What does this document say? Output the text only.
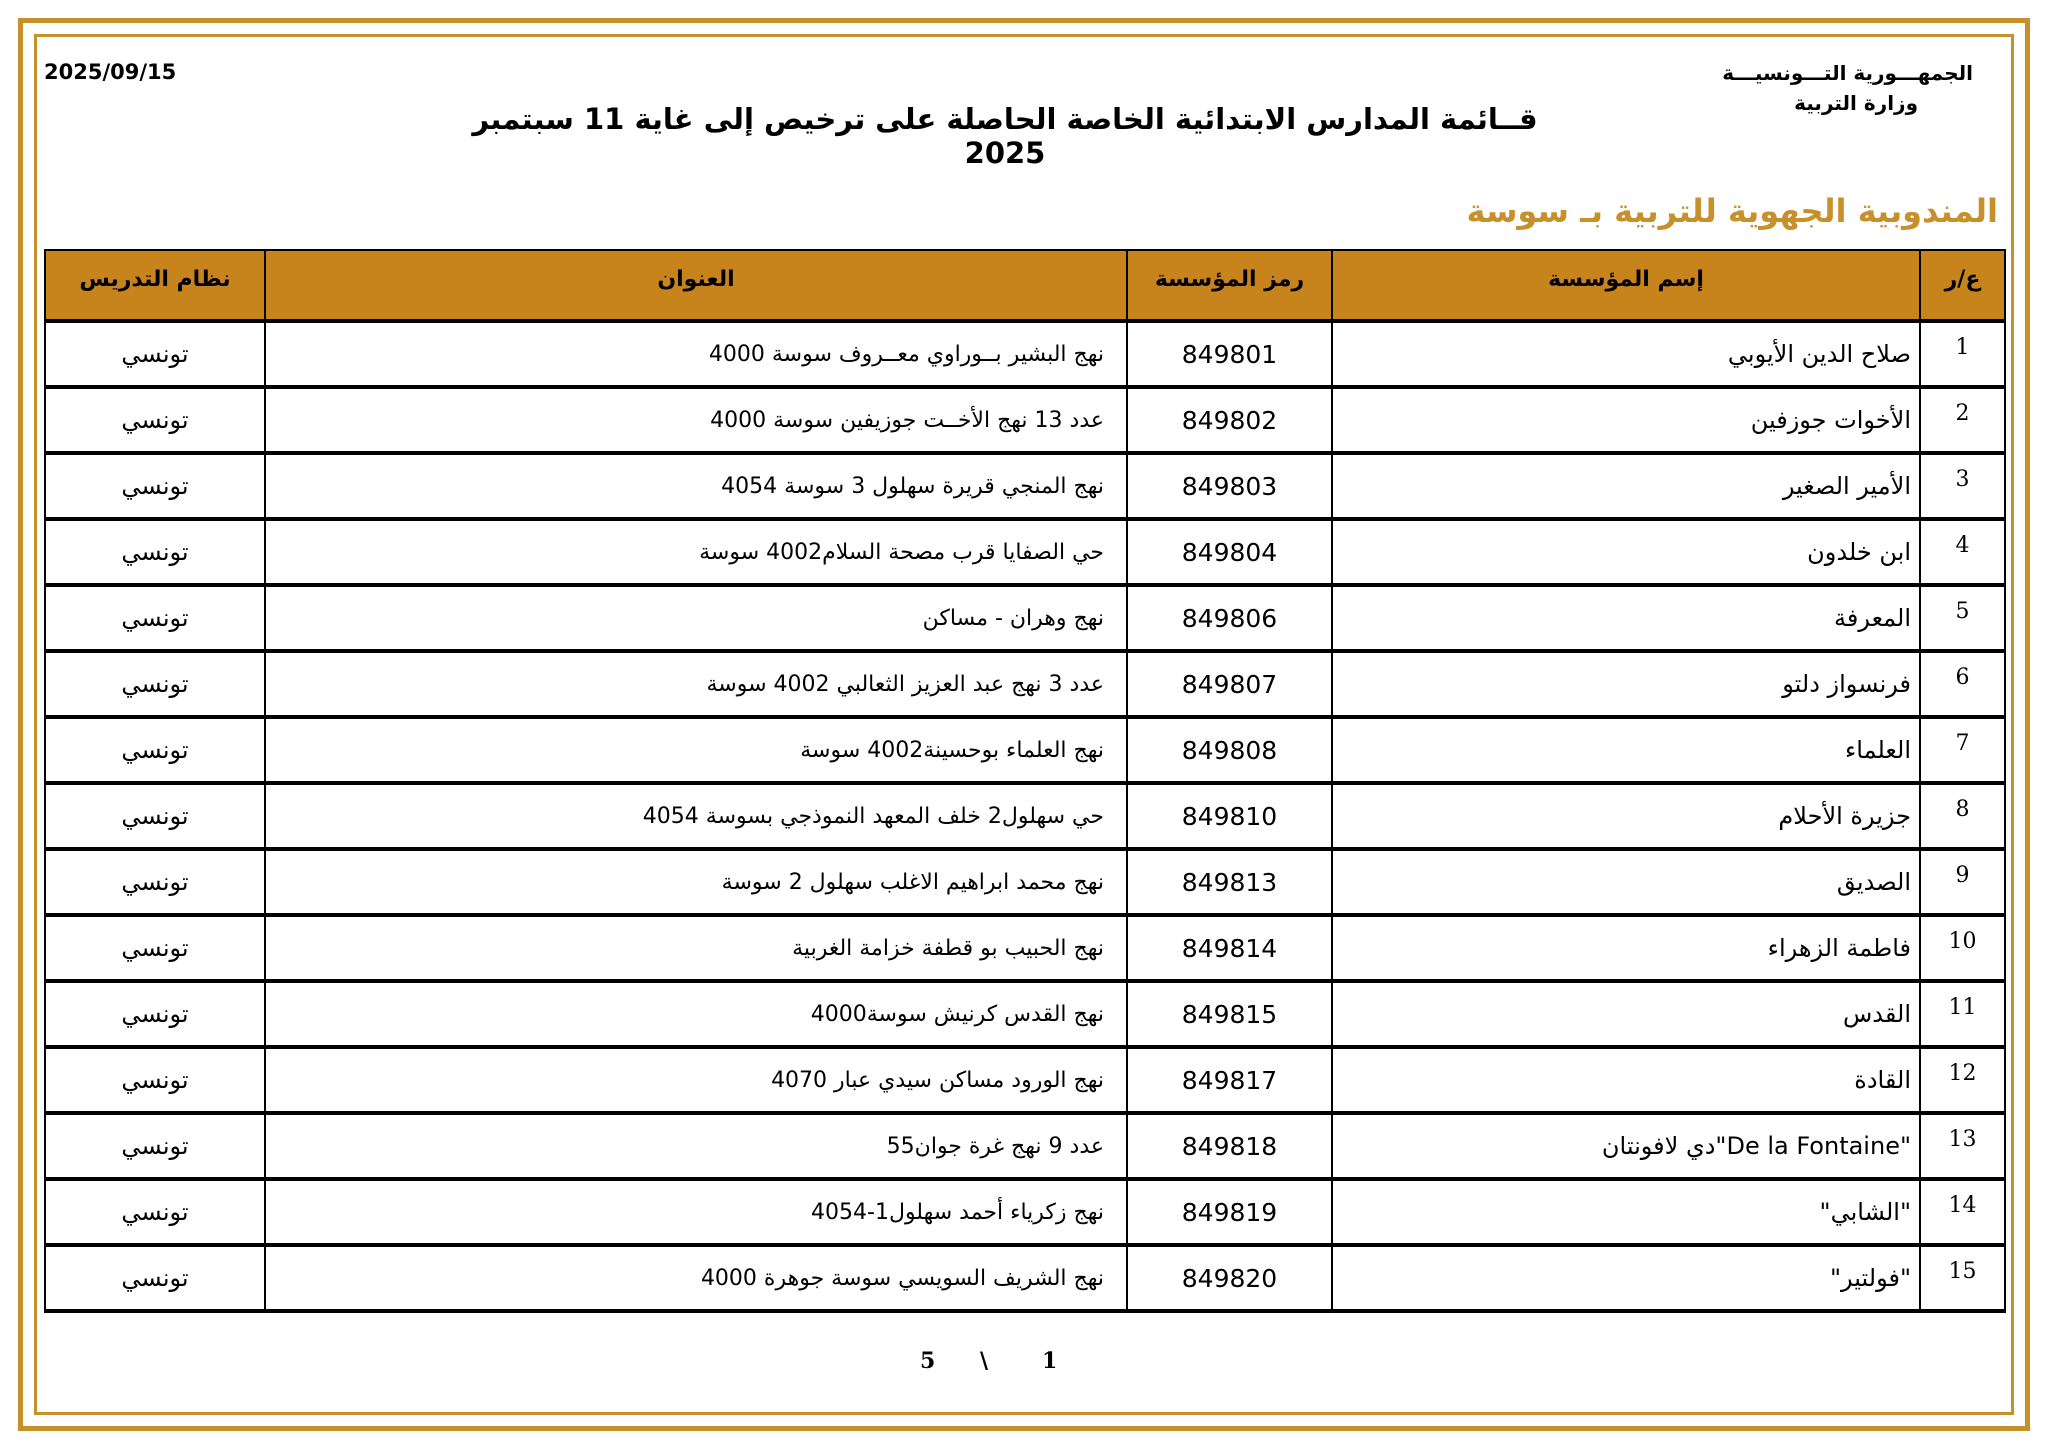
2025/09/15	الجمهـــورية التـــونسيـــة
وزارة التربية
قــائمة المدارس الابتدائية الخاصة الحاصلة على ترخيص إلى غاية 11 سبتمبر 2025
المندوبية الجهوية للتربية بـ سوسة
ع/ر	إسم المؤسسة	رمز المؤسسة	العنوان	نظام التدريس
1	صلاح الدين الأيوبي	849801	نهج البشير بــوراوي معــروف سوسة 4000	تونسي
2	الأخوات جوزفين	849802	عدد 13 نهج الأخــت جوزيفين سوسة 4000	تونسي
3	الأمير الصغير	849803	نهج المنجي قريرة سهلول 3 سوسة 4054	تونسي
4	ابن خلدون	849804	حي الصفايا قرب مصحة السلام4002 سوسة	تونسي
5	المعرفة	849806	نهج وهران - مساكن	تونسي
6	فرنسواز دلتو	849807	عدد 3 نهج عبد العزيز الثعالبي 4002 سوسة	تونسي
7	العلماء	849808	نهج العلماء بوحسينة4002 سوسة	تونسي
8	جزيرة الأحلام	849810	حي سهلول2 خلف المعهد النموذجي بسوسة 4054	تونسي
9	الصديق	849813	نهج محمد ابراهيم الاغلب سهلول 2 سوسة	تونسي
10	فاطمة الزهراء	849814	نهج الحبيب بو قطفة خزامة الغربية	تونسي
11	القدس	849815	نهج القدس كرنيش سوسة4000	تونسي
12	القادة	849817	نهج الورود مساكن سيدي عبار 4070	تونسي
13	"De la Fontaine"دي لافونتان	849818	عدد 9 نهج غرة جوان55	تونسي
14	"الشابي"	849819	نهج زكرياء أحمد سهلول1-4054	تونسي
15	"فولتير"	849820	نهج الشريف السويسي سوسة جوهرة 4000	تونسي
5 \ 1
